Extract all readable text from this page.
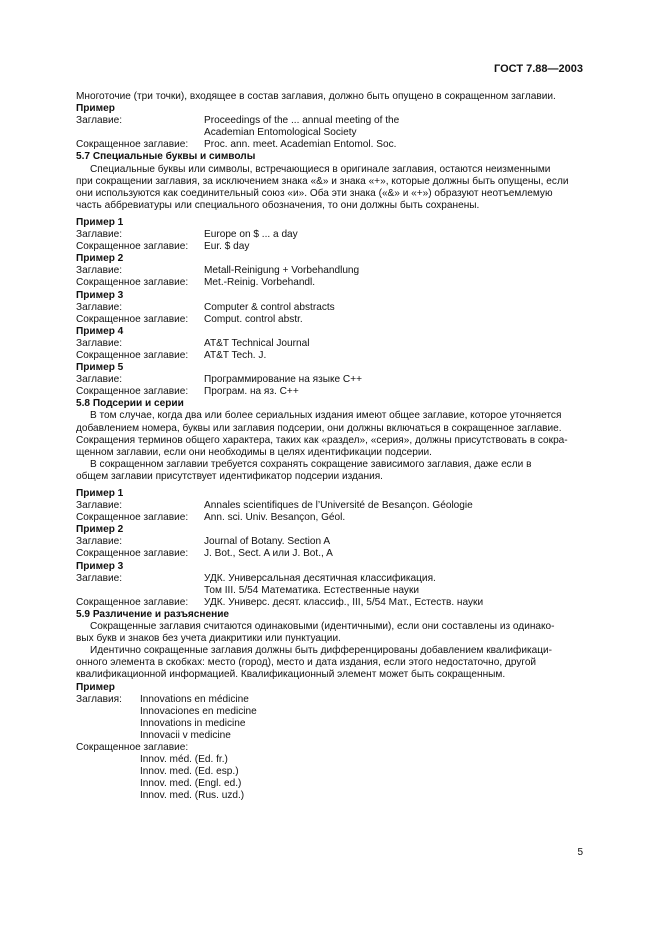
ГОСТ 7.88—2003

Многоточие (три точки), входящее в состав заглавия, должно быть опущено в сокращенном заглавии.

Пример

Заглавие:	Proceedings of the ... annual meeting of the
Academian Entomological Society
Сокращенное заглавие:	Proc. ann. meet. Academian Entomol. Soc.

5.7 Специальные буквы и символы

Специальные буквы или символы, встречающиеся в оригинале заглавия, остаются неизменными
при сокращении заглавия, за исключением знака «&» и знака «+», которые должны быть опущены, если
они используются как соединительный союз «и». Оба эти знака («&» и «+») образуют неотъемлемую
часть аббревиатуры или специального обозначения, то они должны быть сохранены.

Пример 1

Заглавие:	Europe on $ ... a day
Сокращенное заглавие:	Eur. $ day

Пример 2

Заглавие:	Metall-Reinigung + Vorbehandlung
Сокращенное заглавие:	Met.-Reinig. Vorbehandl.

Пример 3

Заглавие:	Computer & control abstracts
Сокращенное заглавие:	Comput. control abstr.

Пример 4

Заглавие:	AT&T Technical Journal
Сокращенное заглавие:	AT&T Tech. J.

Пример 5

Заглавие:	Программирование на языке C++
Сокращенное заглавие:	Програм. на яз. C++

5.8 Подсерии и серии

В том случае, когда два или более сериальных издания имеют общее заглавие, которое уточняется
добавлением номера, буквы или заглавия подсерии, они должны включаться в сокращенное заглавие.
Сокращения терминов общего характера, таких как «раздел», «серия», должны присутствовать в сокра-
щенном заглавии, если они необходимы в целях идентификации подсерии.
В сокращенном заглавии требуется сохранять сокращение зависимого заглавия, даже если в
общем заглавии присутствует идентификатор подсерии издания.

Пример 1

Заглавие:	Annales scientifiques de l’Université de Besançon. Géologie
Сокращенное заглавие:	Ann. sci. Univ. Besançon, Géol.

Пример 2

Заглавие:	Journal of Botany. Section A
Сокращенное заглавие:	J. Bot., Sect. A или J. Bot., A

Пример 3

Заглавие:	УДК. Универсальная десятичная классификация.
Том III. 5/54 Математика. Естественные науки
Сокращенное заглавие:	УДК. Универс. десят. классиф., III, 5/54 Мат., Естеств. науки

5.9 Различение и разъяснение

Сокращенные заглавия считаются одинаковыми (идентичными), если они составлены из одинако-
вых букв и знаков без учета диакритики или пунктуации.
Идентично сокращенные заглавия должны быть дифференцированы добавлением квалификаци-
онного элемента в скобках: место (город), место и дата издания, если этого недостаточно, другой
квалификационной информацией. Квалификационный элемент может быть сокращенным.

Пример

Заглавия:	Innovations en médicine
Innovaciones en medicine
Innovations in medicine
Innovacii v medicine
Сокращенное заглавие:
Innov. méd. (Ed. fr.)
Innov. med. (Ed. esp.)
Innov. med. (Engl. ed.)
Innov. med. (Rus. uzd.)
5
